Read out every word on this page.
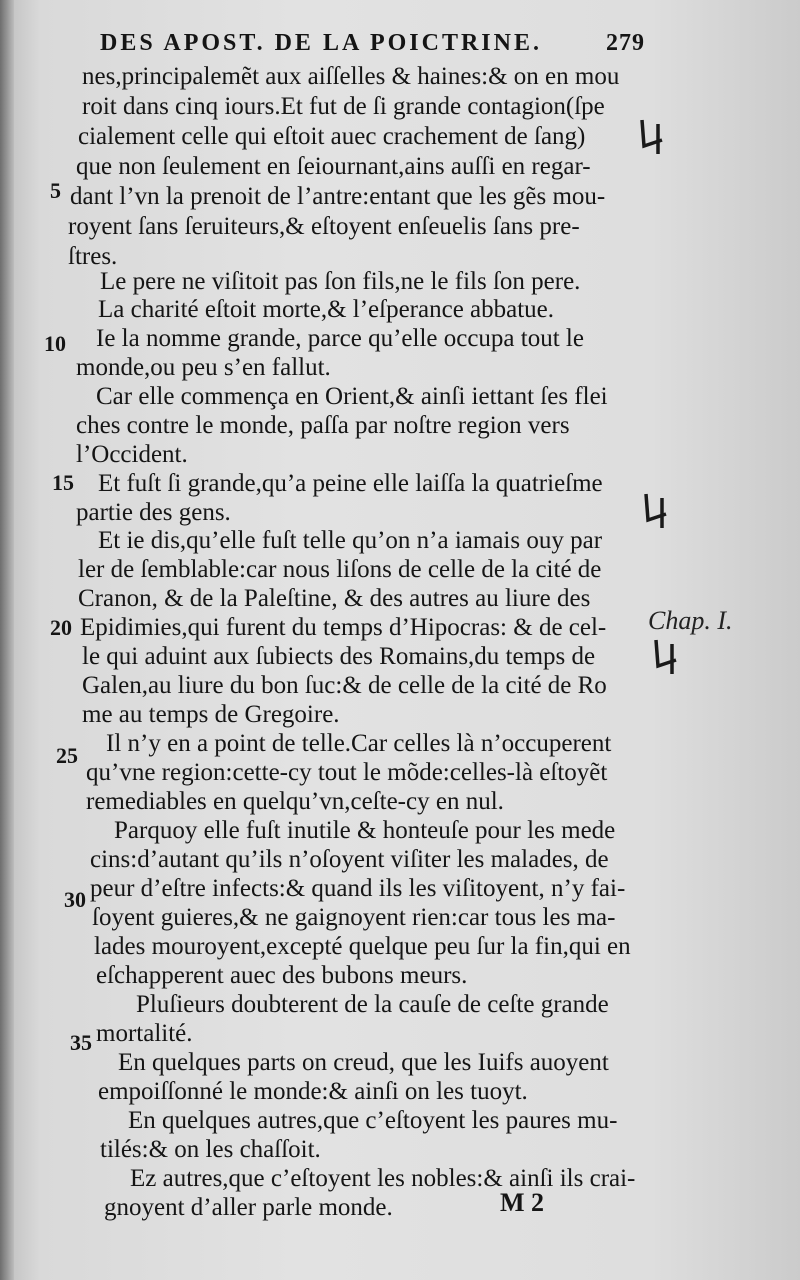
DES APOST. DE LA POICTRINE.	279
nes,principalemẽt aux aiſſelles & haines:& on en mou
roit dans cinq iours.Et fut de ſi grande contagion(ſpe
cialement celle qui eſtoit auec crachement de ſang)
que non ſeulement en ſeiournant,ains auſſi en regar-
dant l’vn la prenoit de l’antre:entant que les gẽs mou-
royent ſans ſeruiteurs,& eſtoyent enſeuelis ſans pre-
ſtres.
Le pere ne viſitoit pas ſon fils,ne le fils ſon pere.
La charité eſtoit morte,& l’eſperance abbatue.
Ie la nomme grande, parce qu’elle occupa tout le
monde,ou peu s’en fallut.
Car elle commença en Orient,& ainſi iettant ſes flei
ches contre le monde, paſſa par noſtre region vers
l’Occident.
Et fuſt ſi grande,qu’a peine elle laiſſa la quatrieſme
partie des gens.
Et ie dis,qu’elle fuſt telle qu’on n’a iamais ouy par
ler de ſemblable:car nous liſons de celle de la cité de
Cranon, & de la Paleſtine, & des autres au liure des
Epidimies,qui furent du temps d’Hipocras: & de cel-
le qui aduint aux ſubiects des Romains,du temps de
Galen,au liure du bon ſuc:& de celle de la cité de Ro
me au temps de Gregoire.
Il n’y en a point de telle.Car celles là n’occuperent
qu’vne region:cette-cy tout le mõde:celles-là eſtoyẽt
remediables en quelqu’vn,ceſte-cy en nul.
Parquoy elle fuſt inutile & honteuſe pour les mede
cins:d’autant qu’ils n’oſoyent viſiter les malades, de
peur d’eſtre infects:& quand ils les viſitoyent, n’y fai-
ſoyent guieres,& ne gaignoyent rien:car tous les ma-
lades mouroyent,excepté quelque peu ſur la fin,qui en
eſchapperent auec des bubons meurs.
Pluſieurs doubterent de la cauſe de ceſte grande
mortalité.
En quelques parts on creud, que les Iuifs auoyent
empoiſſonné le monde:& ainſi on les tuoyt.
En quelques autres,que c’eſtoyent les paures mu-
tilés:& on les chaſſoit.
Ez autres,que c’eſtoyent les nobles:& ainſi ils crai-
gnoyent d’aller parle monde.
5
10
15
20
25
30
35
Chap. I.
M 2
